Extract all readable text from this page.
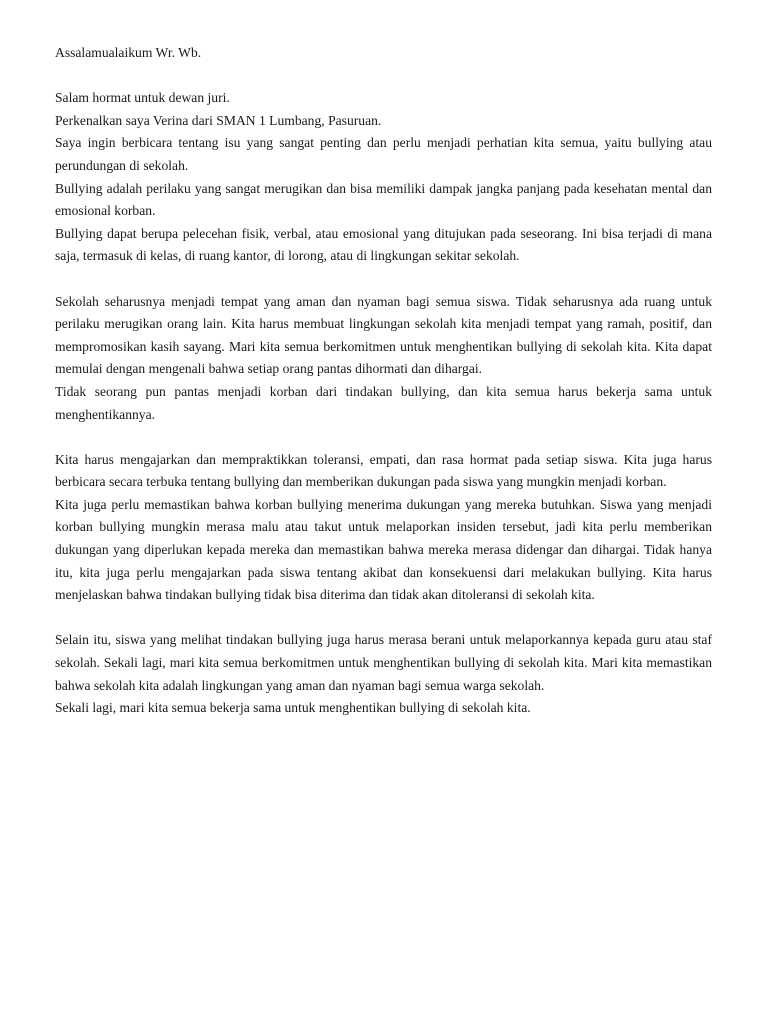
Assalamualaikum Wr. Wb.

Salam hormat untuk dewan juri.

Perkenalkan saya Verina dari SMAN 1 Lumbang, Pasuruan.

Saya ingin berbicara tentang isu yang sangat penting dan perlu menjadi perhatian kita semua, yaitu bullying atau perundungan di sekolah.

Bullying adalah perilaku yang sangat merugikan dan bisa memiliki dampak jangka panjang pada kesehatan mental dan emosional korban.

Bullying dapat berupa pelecehan fisik, verbal, atau emosional yang ditujukan pada seseorang. Ini bisa terjadi di mana saja, termasuk di kelas, di ruang kantor, di lorong, atau di lingkungan sekitar sekolah.

Sekolah seharusnya menjadi tempat yang aman dan nyaman bagi semua siswa. Tidak seharusnya ada ruang untuk perilaku merugikan orang lain. Kita harus membuat lingkungan sekolah kita menjadi tempat yang ramah, positif, dan mempromosikan kasih sayang. Mari kita semua berkomitmen untuk menghentikan bullying di sekolah kita. Kita dapat memulai dengan mengenali bahwa setiap orang pantas dihormati dan dihargai.

Tidak seorang pun pantas menjadi korban dari tindakan bullying, dan kita semua harus bekerja sama untuk menghentikannya.

Kita harus mengajarkan dan mempraktikkan toleransi, empati, dan rasa hormat pada setiap siswa. Kita juga harus berbicara secara terbuka tentang bullying dan memberikan dukungan pada siswa yang mungkin menjadi korban.

Kita juga perlu memastikan bahwa korban bullying menerima dukungan yang mereka butuhkan. Siswa yang menjadi korban bullying mungkin merasa malu atau takut untuk melaporkan insiden tersebut, jadi kita perlu memberikan dukungan yang diperlukan kepada mereka dan memastikan bahwa mereka merasa didengar dan dihargai. Tidak hanya itu, kita juga perlu mengajarkan pada siswa tentang akibat dan konsekuensi dari melakukan bullying. Kita harus menjelaskan bahwa tindakan bullying tidak bisa diterima dan tidak akan ditoleransi di sekolah kita.

Selain itu, siswa yang melihat tindakan bullying juga harus merasa berani untuk melaporkannya kepada guru atau staf sekolah. Sekali lagi, mari kita semua berkomitmen untuk menghentikan bullying di sekolah kita. Mari kita memastikan bahwa sekolah kita adalah lingkungan yang aman dan nyaman bagi semua warga sekolah.

Sekali lagi, mari kita semua bekerja sama untuk menghentikan bullying di sekolah kita.
